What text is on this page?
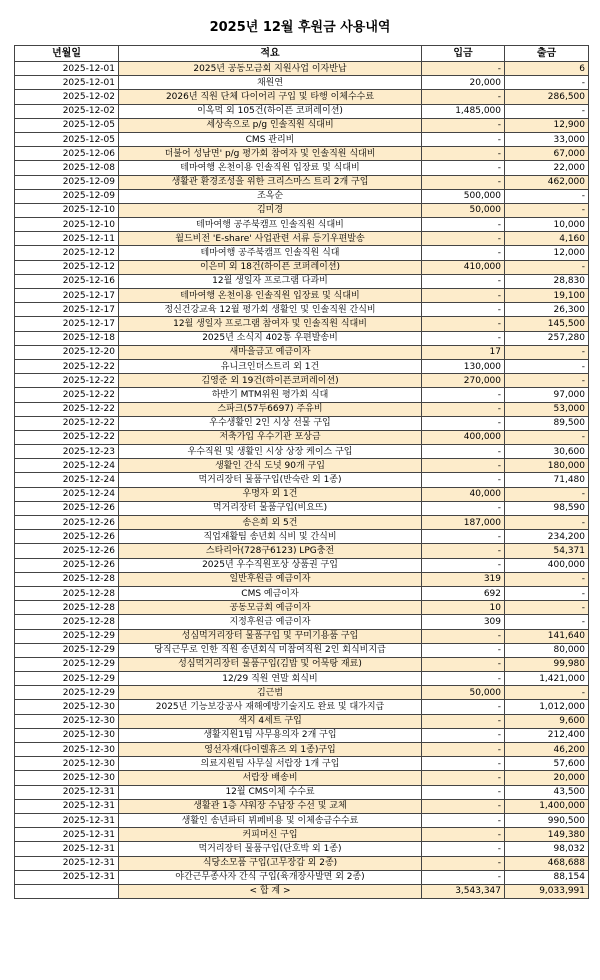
2025년 12월 후원금 사용내역
년월일	적요	입금	출금
2025-12-01	2025년 공동모금회 지원사업 이자반납	-	6
2025-12-01	채원연	20,000	-
2025-12-02	2026년 직원 단체 다이어리 구입 및 타행 이체수수료	-	286,500
2025-12-02	이옥먹 외 105건(하이픈 코퍼레이션)	1,485,000	-
2025-12-05	세상속으로 p/g 인솔직원 식대비	-	12,900
2025-12-05	CMS 관리비	-	33,000
2025-12-06	더불어 성남면' p/g 평가회 참여자 및 인솔직원 식대비	-	67,000
2025-12-08	테마여행 온천이용 인솔직원 입장료 및 식대비	-	22,000
2025-12-09	생활관 환경조성을 위한 크리스마스 트리 2개 구입	-	462,000
2025-12-09	조옥순	500,000	-
2025-12-10	김미경	50,000	-
2025-12-10	테마여행 공주북캠프 인솔직원 식대비	-	10,000
2025-12-11	월드비전 'E-share' 사업관련 서류 등기우편발송	-	4,160
2025-12-12	테마여행 공주북캠프 인솔직원 식대	-	12,000
2025-12-12	이은미 외 18건(하이픈 코퍼레이션)	410,000	-
2025-12-16	12월 생일자 프로그램 다과비	-	28,830
2025-12-17	테마여행 온천이용 인솔직원 입장료 및 식대비	-	19,100
2025-12-17	정신건강교육 12월 평가회 생활인 및 인솔직원 간식비	-	26,300
2025-12-17	12월 생일자 프로그램 참여자 및 인솔직원 식대비	-	145,500
2025-12-18	2025년 소식지 402통 우편발송비	-	257,280
2025-12-20	새마을금고 예금이자	17	-
2025-12-22	유니크인더스트리 외 1건	130,000	-
2025-12-22	김영준 외 19건(하이픈코퍼레이션)	270,000	-
2025-12-22	하반기 MTM위원 평가회 식대	-	97,000
2025-12-22	스파크(57두6697) 주유비	-	53,000
2025-12-22	우수생활인 2인 시상 선물 구입	-	89,500
2025-12-22	저축가입 우수기관 포상금	400,000	-
2025-12-23	우수직원 및 생활인 시상 상장 케이스 구입	-	30,600
2025-12-24	생활인 간식 도넛 90개 구입	-	180,000
2025-12-24	먹거리장터 물품구입(반숙란 외 1종)	-	71,480
2025-12-24	우명자 외 1건	40,000	-
2025-12-26	먹거리장터 물품구입(비요뜨)	-	98,590
2025-12-26	송은희 외 5건	187,000	-
2025-12-26	직업재활팀 송년회 식비 및 간식비	-	234,200
2025-12-26	스타리아(728구6123) LPG충전	-	54,371
2025-12-26	2025년 우수직원포상 상품권 구입	-	400,000
2025-12-28	일반후원금 예금이자	319	-
2025-12-28	CMS 예금이자	692	-
2025-12-28	공동모금회 예금이자	10	-
2025-12-28	지정후원금 예금이자	309	-
2025-12-29	성심먹거리장터 물품구입 및 꾸미기용품 구입	-	141,640
2025-12-29	당직근무로 인한 직원 송년회식 미참여직원 2인 회식비지급	-	80,000
2025-12-29	성심먹거리장터 물품구입(김밥 및 어묵탕 재료)	-	99,980
2025-12-29	12/29 직원 연말 회식비	-	1,421,000
2025-12-29	김근범	50,000	-
2025-12-30	2025년 기능보강공사 재해예방기술지도 완료 및 대가지급	-	1,012,000
2025-12-30	색지 4세트 구입	-	9,600
2025-12-30	생활지원1팀 사무용의자 2개 구입	-	212,400
2025-12-30	영선자재(다이렐휴즈 외 1종)구입	-	46,200
2025-12-30	의료지원팀 사무실 서랍장 1개 구입	-	57,600
2025-12-30	서랍장 배송비	-	20,000
2025-12-31	12월 CMS이체 수수료	-	43,500
2025-12-31	생활관 1층 샤워장 수납장 수선 및 교체	-	1,400,000
2025-12-31	생활인 송년파티 뷔페비용 및 이체송금수수료	-	990,500
2025-12-31	커피머신 구입	-	149,380
2025-12-31	먹거리장터 물품구입(단호박 외 1종)	-	98,032
2025-12-31	식당소모품 구입(고무장갑 외 2종)	-	468,688
2025-12-31	야간근무종사자 간식 구입(육개장사발면 외 2종)	-	88,154
	< 합 계 >	3,543,347	9,033,991
